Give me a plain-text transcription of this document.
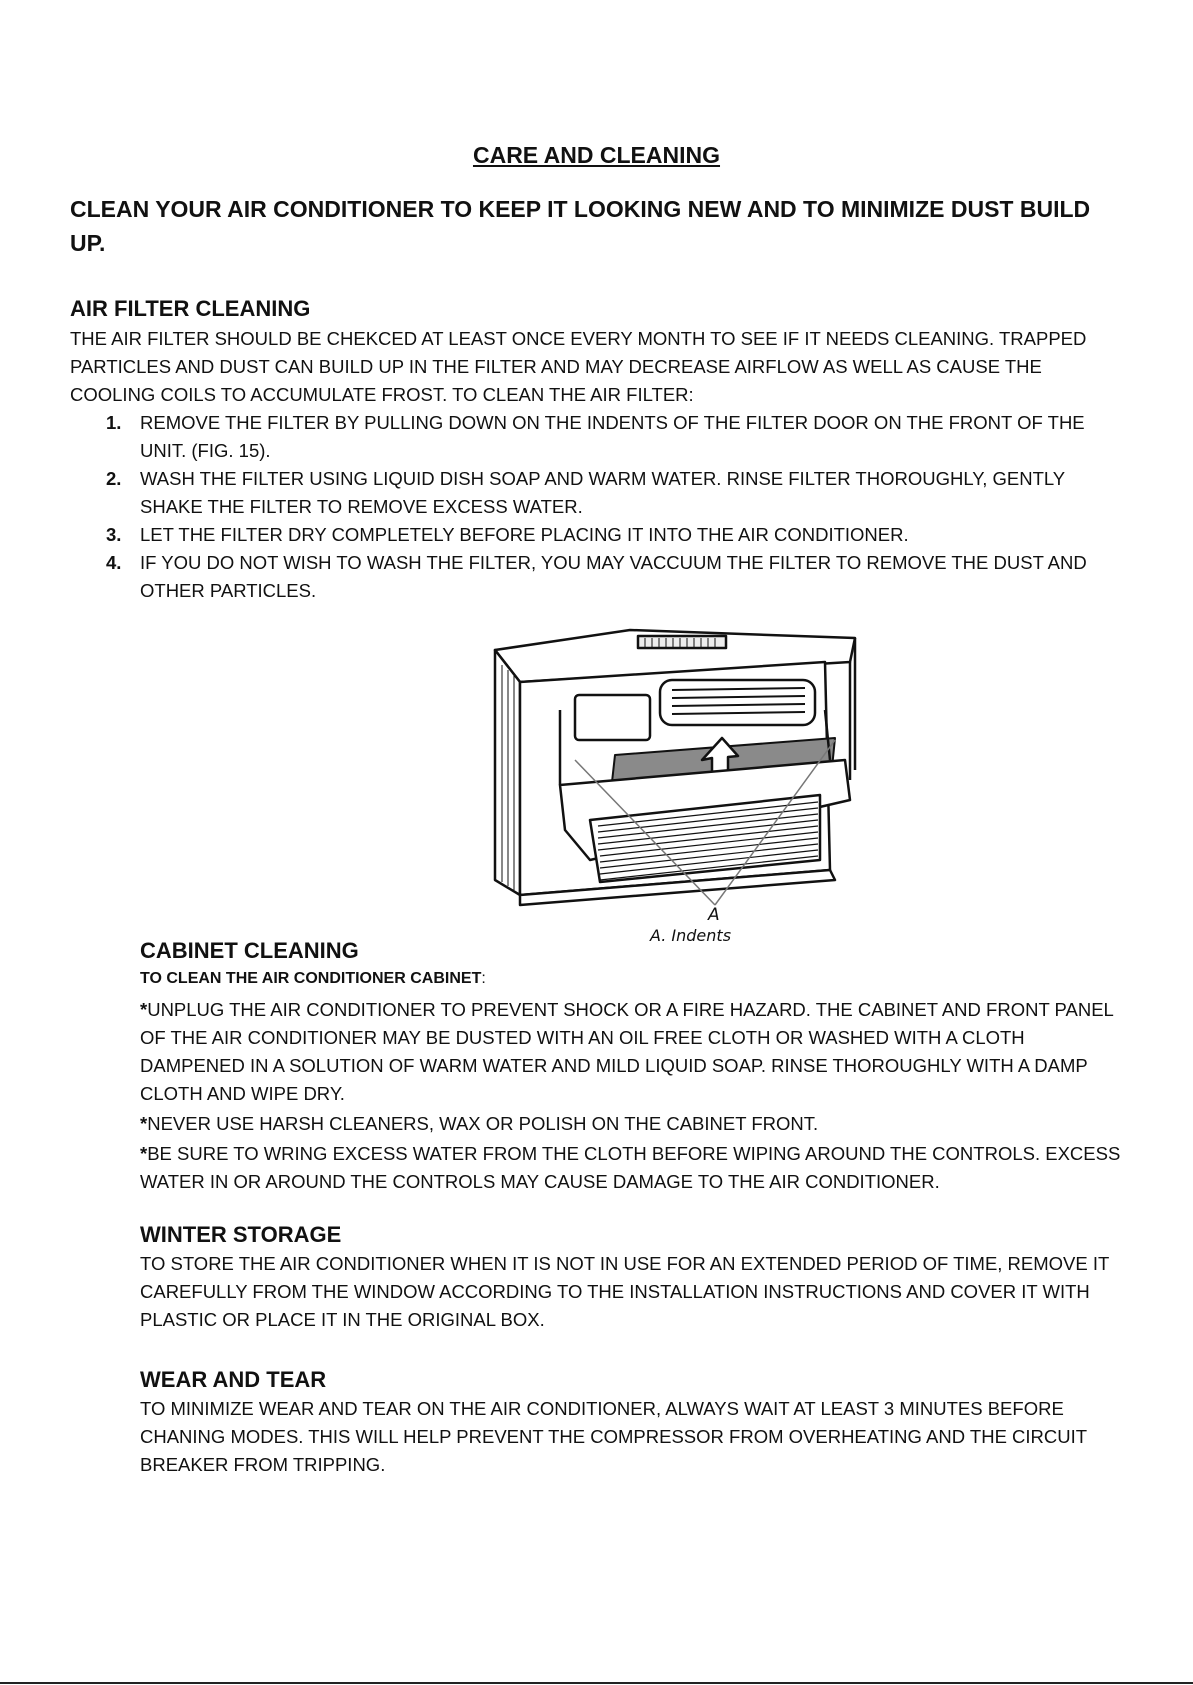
CARE AND CLEANING
CLEAN YOUR AIR CONDITIONER TO KEEP IT LOOKING NEW AND TO MINIMIZE DUST BUILD UP.
AIR FILTER CLEANING

THE AIR FILTER SHOULD BE CHEKCED AT LEAST ONCE EVERY MONTH TO SEE IF IT NEEDS CLEANING. TRAPPED PARTICLES AND DUST CAN BUILD UP IN THE FILTER AND MAY DECREASE AIRFLOW AS WELL AS CAUSE THE COOLING COILS TO ACCUMULATE FROST. TO CLEAN THE AIR FILTER:

1. REMOVE THE FILTER BY PULLING DOWN ON THE INDENTS OF THE FILTER DOOR ON THE FRONT OF THE UNIT. (FIG. 15).
2. WASH THE FILTER USING LIQUID DISH SOAP AND WARM WATER. RINSE FILTER THOROUGHLY, GENTLY SHAKE THE FILTER TO REMOVE EXCESS WATER.
3. LET THE FILTER DRY COMPLETELY BEFORE PLACING IT INTO THE AIR CONDITIONER.
4. IF YOU DO NOT WISH TO WASH THE FILTER, YOU MAY VACCUUM THE FILTER TO REMOVE THE DUST AND OTHER PARTICLES.
A
A. Indents
CABINET CLEANING

TO CLEAN THE AIR CONDITIONER CABINET:

*UNPLUG THE AIR CONDITIONER TO PREVENT SHOCK OR A FIRE HAZARD. THE CABINET AND FRONT PANEL OF THE AIR CONDITIONER MAY BE DUSTED WITH AN OIL FREE CLOTH OR WASHED WITH A CLOTH DAMPENED IN A SOLUTION OF WARM WATER AND MILD LIQUID SOAP. RINSE THOROUGHLY WITH A DAMP CLOTH AND WIPE DRY.

*NEVER USE HARSH CLEANERS, WAX OR POLISH ON THE CABINET FRONT.

*BE SURE TO WRING EXCESS WATER FROM THE CLOTH BEFORE WIPING AROUND THE CONTROLS. EXCESS WATER IN OR AROUND THE CONTROLS MAY CAUSE DAMAGE TO THE AIR CONDITIONER.

WINTER STORAGE

TO STORE THE AIR CONDITIONER WHEN IT IS NOT IN USE FOR AN EXTENDED PERIOD OF TIME, REMOVE IT CAREFULLY FROM THE WINDOW ACCORDING TO THE INSTALLATION INSTRUCTIONS AND COVER IT WITH PLASTIC OR PLACE IT IN THE ORIGINAL BOX.

WEAR AND TEAR

TO MINIMIZE WEAR AND TEAR ON THE AIR CONDITIONER, ALWAYS WAIT AT LEAST 3 MINUTES BEFORE CHANING MODES. THIS WILL HELP PREVENT THE COMPRESSOR FROM OVERHEATING AND THE CIRCUIT BREAKER FROM TRIPPING.
